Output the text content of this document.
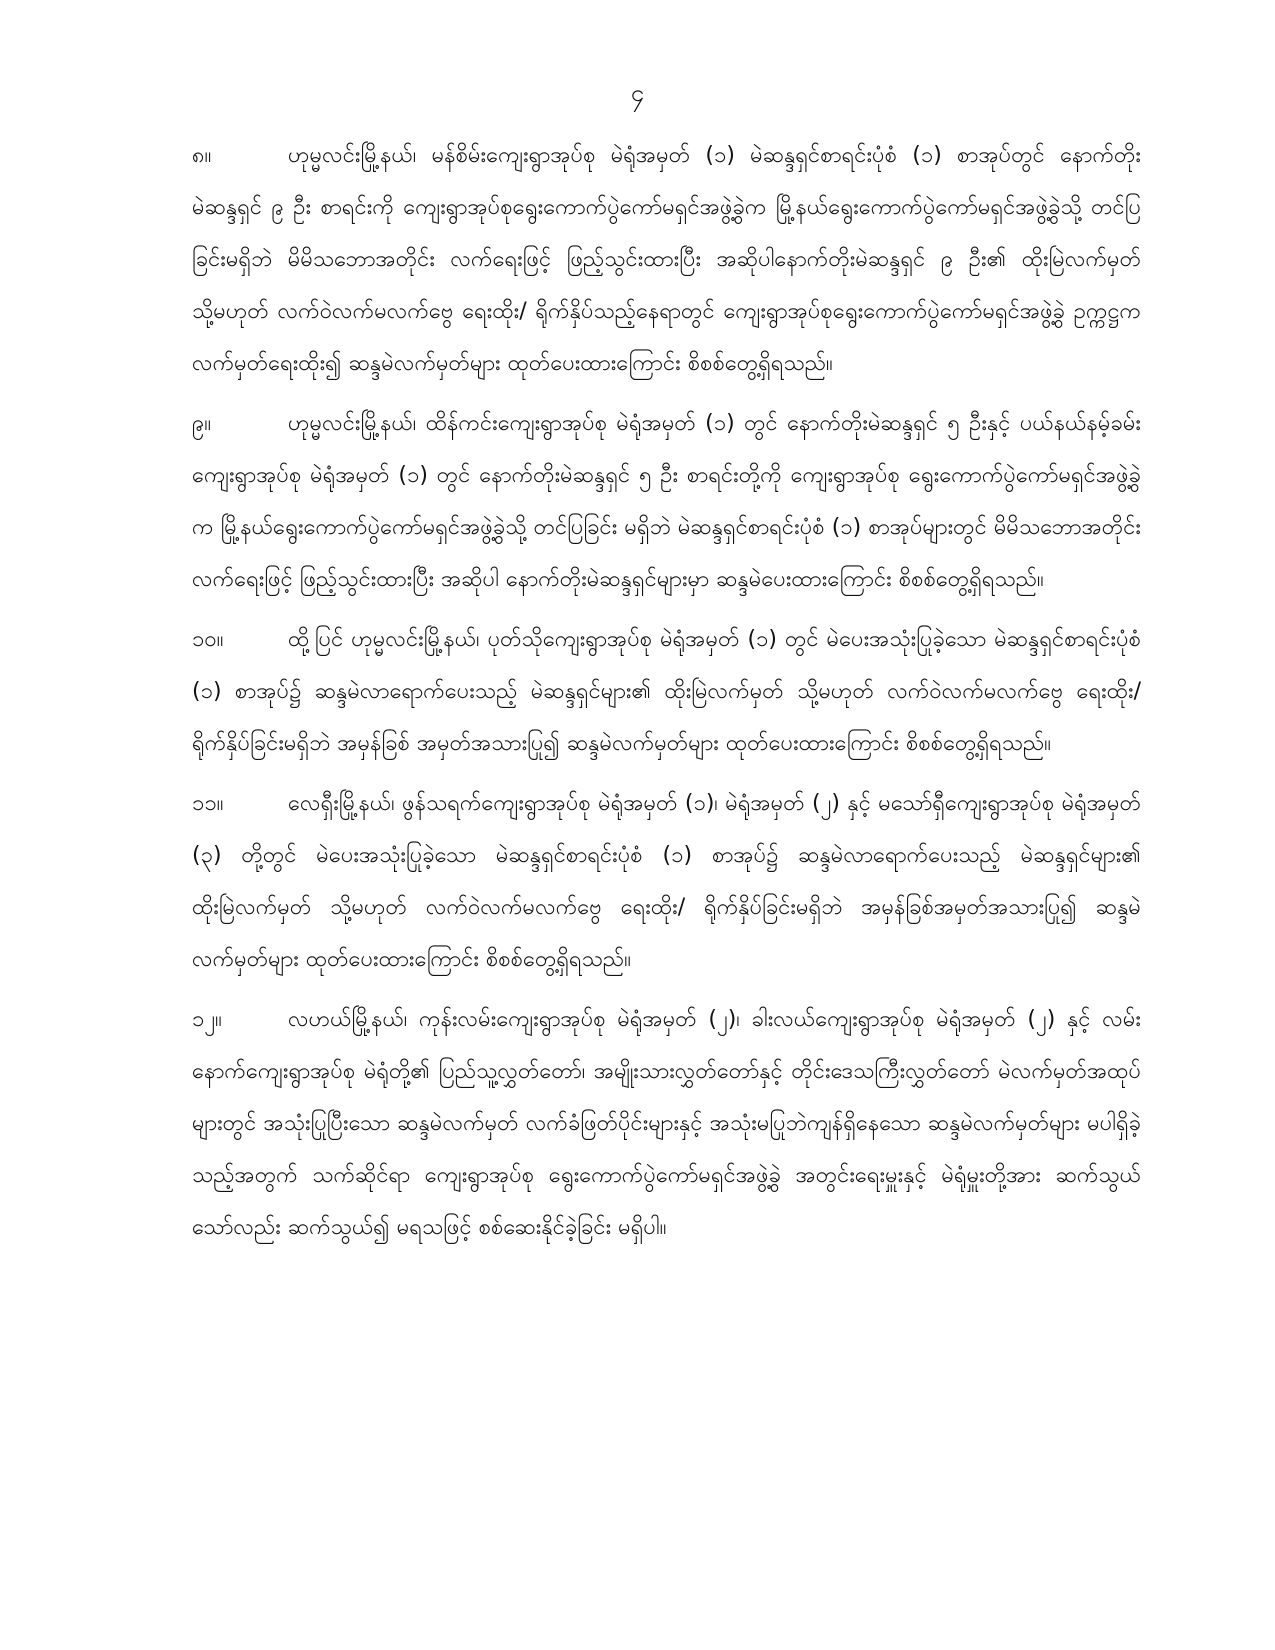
၄

၈။	ဟုမ္မလင်းမြို့နယ်၊ မန်စိမ်းကျေးရွာအုပ်စု မဲရုံအမှတ် (၁) မဲဆန္ဒရှင်စာရင်းပုံစံ (၁) စာအုပ်တွင် နောက်တိုးမဲဆန္ဒရှင် ၉ ဦး စာရင်းကို ကျေးရွာအုပ်စုရွေးကောက်ပွဲကော်မရှင်အဖွဲ့ခွဲက မြို့နယ်ရွေးကောက်ပွဲကော်မရှင်အဖွဲ့ခွဲသို့ တင်ပြခြင်းမရှိဘဲ မိမိသဘောအတိုင်း လက်ရေးဖြင့် ဖြည့်သွင်းထားပြီး အဆိုပါနောက်တိုးမဲဆန္ဒရှင် ၉ ဦး၏ ထိုးမြဲလက်မှတ် သို့မဟုတ် လက်ဝဲလက်မလက်ဗွေ ရေးထိုး/ ရိုက်နှိပ်သည့်နေရာတွင် ကျေးရွာအုပ်စုရွေးကောက်ပွဲကော်မရှင်အဖွဲ့ခွဲ ဥက္ကဋ္ဌက လက်မှတ်ရေးထိုး၍ ဆန္ဒမဲလက်မှတ်များ ထုတ်ပေးထားကြောင်း စိစစ်တွေ့ရှိရသည်။

၉။	ဟုမ္မလင်းမြို့နယ်၊ ထိန်ကင်းကျေးရွာအုပ်စု မဲရုံအမှတ် (၁) တွင် နောက်တိုးမဲဆန္ဒရှင် ၅ ဦးနှင့် ပယ်နယ်နမ့်ခမ်းကျေးရွာအုပ်စု မဲရုံအမှတ် (၁) တွင် နောက်တိုးမဲဆန္ဒရှင် ၅ ဦး စာရင်းတို့ကို ကျေးရွာအုပ်စု ရွေးကောက်ပွဲကော်မရှင်အဖွဲ့ခွဲက မြို့နယ်ရွေးကောက်ပွဲကော်မရှင်အဖွဲ့ခွဲသို့ တင်ပြခြင်း မရှိဘဲ မဲဆန္ဒရှင်စာရင်းပုံစံ (၁) စာအုပ်များတွင် မိမိသဘောအတိုင်း လက်ရေးဖြင့် ဖြည့်သွင်းထားပြီး အဆိုပါ နောက်တိုးမဲဆန္ဒရှင်များမှာ ဆန္ဒမဲပေးထားကြောင်း စိစစ်တွေ့ရှိရသည်။

၁၀။	ထို့ပြင် ဟုမ္မလင်းမြို့နယ်၊ ပုတ်သိုကျေးရွာအုပ်စု မဲရုံအမှတ် (၁) တွင် မဲပေးအသုံးပြုခဲ့သော မဲဆန္ဒရှင်စာရင်းပုံစံ (၁) စာအုပ်၌ ဆန္ဒမဲလာရောက်ပေးသည့် မဲဆန္ဒရှင်များ၏ ထိုးမြဲလက်မှတ် သို့မဟုတ် လက်ဝဲလက်မလက်ဗွေ ရေးထိုး/ ရိုက်နှိပ်ခြင်းမရှိဘဲ အမှန်ခြစ် အမှတ်အသားပြု၍ ဆန္ဒမဲလက်မှတ်များ ထုတ်ပေးထားကြောင်း စိစစ်တွေ့ရှိရသည်။

၁၁။	လေရှီးမြို့နယ်၊ ဖွန်သရက်ကျေးရွာအုပ်စု မဲရုံအမှတ် (၁)၊ မဲရုံအမှတ် (၂) နှင့် မသော်ရှီကျေးရွာအုပ်စု မဲရုံအမှတ် (၃) တို့တွင် မဲပေးအသုံးပြုခဲ့သော မဲဆန္ဒရှင်စာရင်းပုံစံ (၁) စာအုပ်၌ ဆန္ဒမဲလာရောက်ပေးသည့် မဲဆန္ဒရှင်များ၏ ထိုးမြဲလက်မှတ် သို့မဟုတ် လက်ဝဲလက်မလက်ဗွေ ရေးထိုး/ ရိုက်နှိပ်ခြင်းမရှိဘဲ အမှန်ခြစ်အမှတ်အသားပြု၍ ဆန္ဒမဲလက်မှတ်များ ထုတ်ပေးထားကြောင်း စိစစ်တွေ့ရှိရသည်။

၁၂။	လဟယ်မြို့နယ်၊ ကုန်းလမ်းကျေးရွာအုပ်စု မဲရုံအမှတ် (၂)၊ ခါးလယ်ကျေးရွာအုပ်စု မဲရုံအမှတ် (၂) နှင့် လမ်းနောက်ကျေးရွာအုပ်စု မဲရုံတို့၏ ပြည်သူ့လွှတ်တော်၊ အမျိုးသားလွှတ်တော်နှင့် တိုင်းဒေသကြီးလွှတ်တော် မဲလက်မှတ်အထုပ်များတွင် အသုံးပြုပြီးသော ဆန္ဒမဲလက်မှတ် လက်ခံဖြတ်ပိုင်းများနှင့် အသုံးမပြုဘဲကျန်ရှိနေသော ဆန္ဒမဲလက်မှတ်များ မပါရှိခဲ့သည့်အတွက် သက်ဆိုင်ရာ ကျေးရွာအုပ်စု ရွေးကောက်ပွဲကော်မရှင်အဖွဲ့ခွဲ အတွင်းရေးမှူးနှင့် မဲရုံမှူးတို့အား ဆက်သွယ် သော်လည်း ဆက်သွယ်၍ မရသဖြင့် စစ်ဆေးနိုင်ခဲ့ခြင်း မရှိပါ။
